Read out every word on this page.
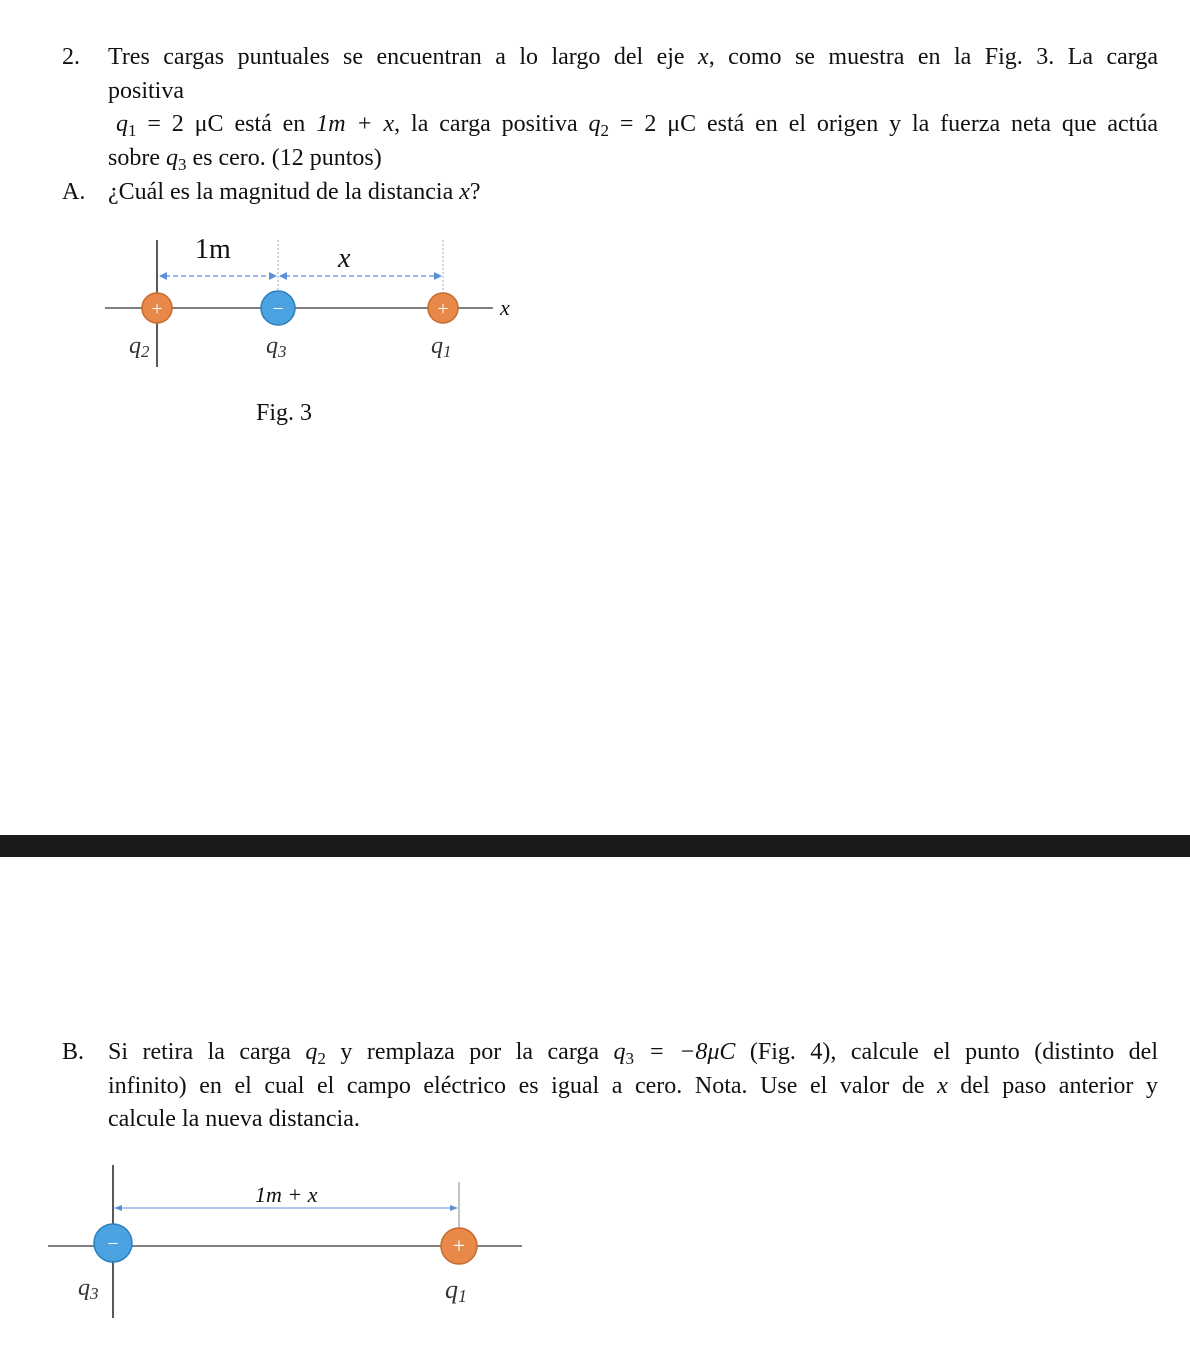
2. Tres cargas puntuales se encuentran a lo largo del eje x, como se muestra en la Fig. 3. La carga
positiva
$q_1 = 2$ μC está en 1m + x, la carga positiva $q_2 = 2$ μC está en el origen y la fuerza neta que actúa
sobre $q_3$ es cero. (12 puntos)
A. ¿Cuál es la magnitud de la distancia x?
1m	x
x
+	−	+
q2	q3	q1
Fig. 3
B. Si retira la carga $q_2$ y remplaza por la carga $q_3 = -8\mu C$ (Fig. 4), calcule el punto (distinto del
infinito) en el cual el campo eléctrico es igual a cero. Nota. Use el valor de x del paso anterior y
calcule la nueva distancia.
1m + x
−	+
q3	q1
